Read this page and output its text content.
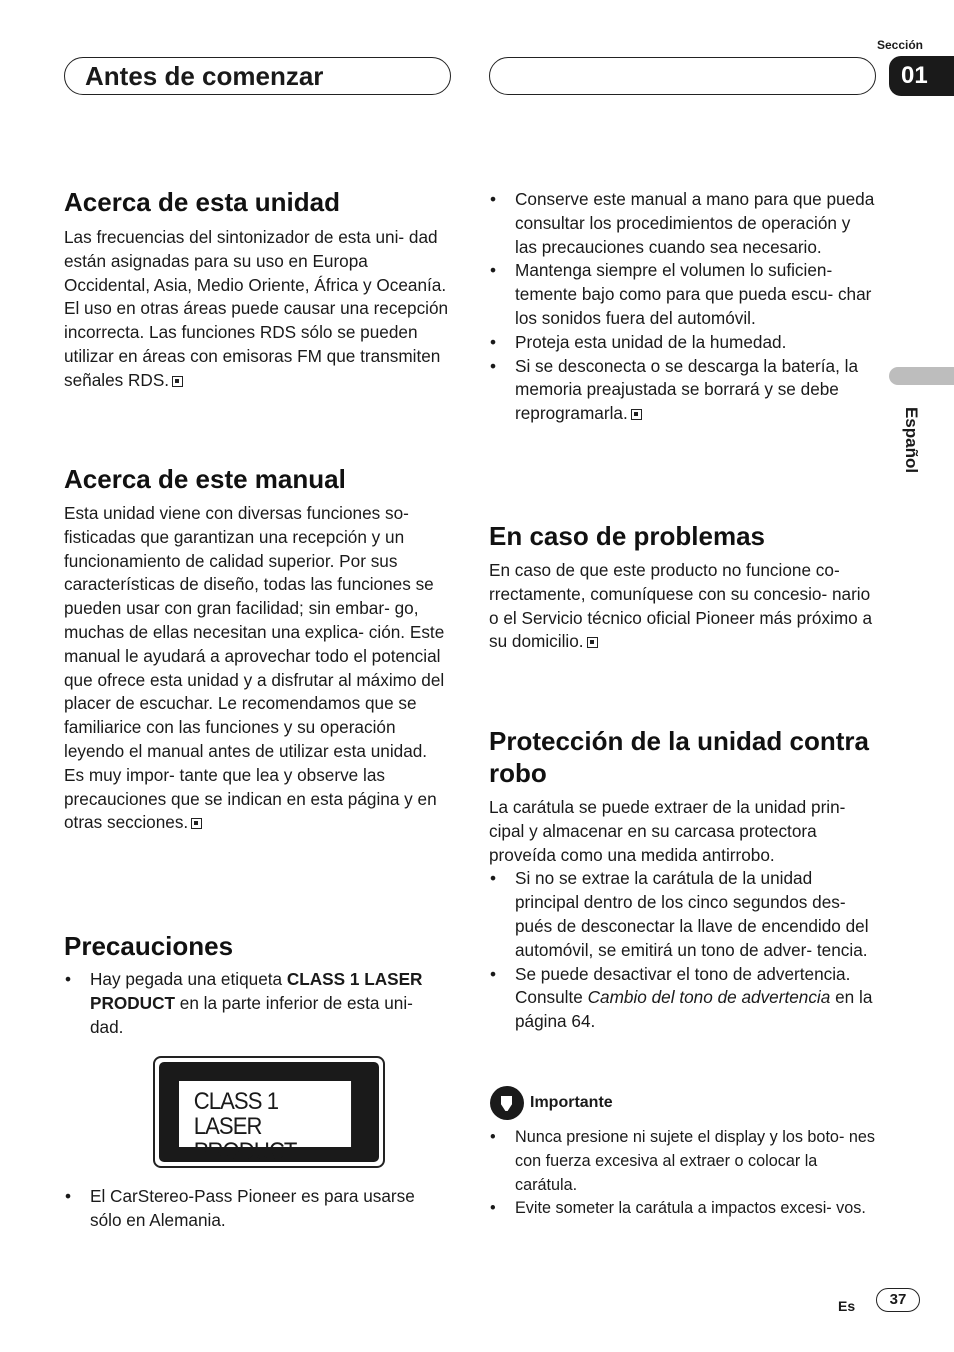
Antes de comenzar
Sección
01
Español
Acerca de esta unidad

Las frecuencias del sintonizador de esta uni- dad están asignadas para su uso en Europa Occidental, Asia, Medio Oriente, África y Oceanía. El uso en otras áreas puede causar una recepción incorrecta. Las funciones RDS sólo se pueden utilizar en áreas con emisoras FM que transmiten señales RDS.

Acerca de este manual

Esta unidad viene con diversas funciones so- fisticadas que garantizan una recepción y un funcionamiento de calidad superior. Por sus características de diseño, todas las funciones se pueden usar con gran facilidad; sin embar- go, muchas de ellas necesitan una explica- ción. Este manual le ayudará a aprovechar todo el potencial que ofrece esta unidad y a disfrutar al máximo del placer de escuchar. Le recomendamos que se familiarice con las funciones y su operación leyendo el manual antes de utilizar esta unidad. Es muy impor- tante que lea y observe las precauciones que se indican en esta página y en otras secciones.

Precauciones
• Hay pegada una etiqueta CLASS 1 LASER PRODUCT en la parte inferior de esta uni- dad.
CLASS 1
LASER PRODUCT
• El CarStereo-Pass Pioneer es para usarse sólo en Alemania.
• Conserve este manual a mano para que pueda consultar los procedimientos de operación y las precauciones cuando sea necesario.
• Mantenga siempre el volumen lo suficien- temente bajo como para que pueda escu- char los sonidos fuera del automóvil.
• Proteja esta unidad de la humedad.
• Si se desconecta o se descarga la batería, la memoria preajustada se borrará y se debe reprogramarla.
En caso de problemas

En caso de que este producto no funcione co- rrectamente, comuníquese con su concesio- nario o el Servicio técnico oficial Pioneer más próximo a su domicilio.

Protección de la unidad contra robo

La carátula se puede extraer de la unidad prin- cipal y almacenar en su carcasa protectora proveída como una medida antirrobo.

• Si no se extrae la carátula de la unidad principal dentro de los cinco segundos des- pués de desconectar la llave de encendido del automóvil, se emitirá un tono de adver- tencia.
• Se puede desactivar el tono de advertencia. Consulte Cambio del tono de advertencia en la página 64.
Importante
• Nunca presione ni sujete el display y los boto- nes con fuerza excesiva al extraer o colocar la carátula.
• Evite someter la carátula a impactos excesi- vos.
Es	37
